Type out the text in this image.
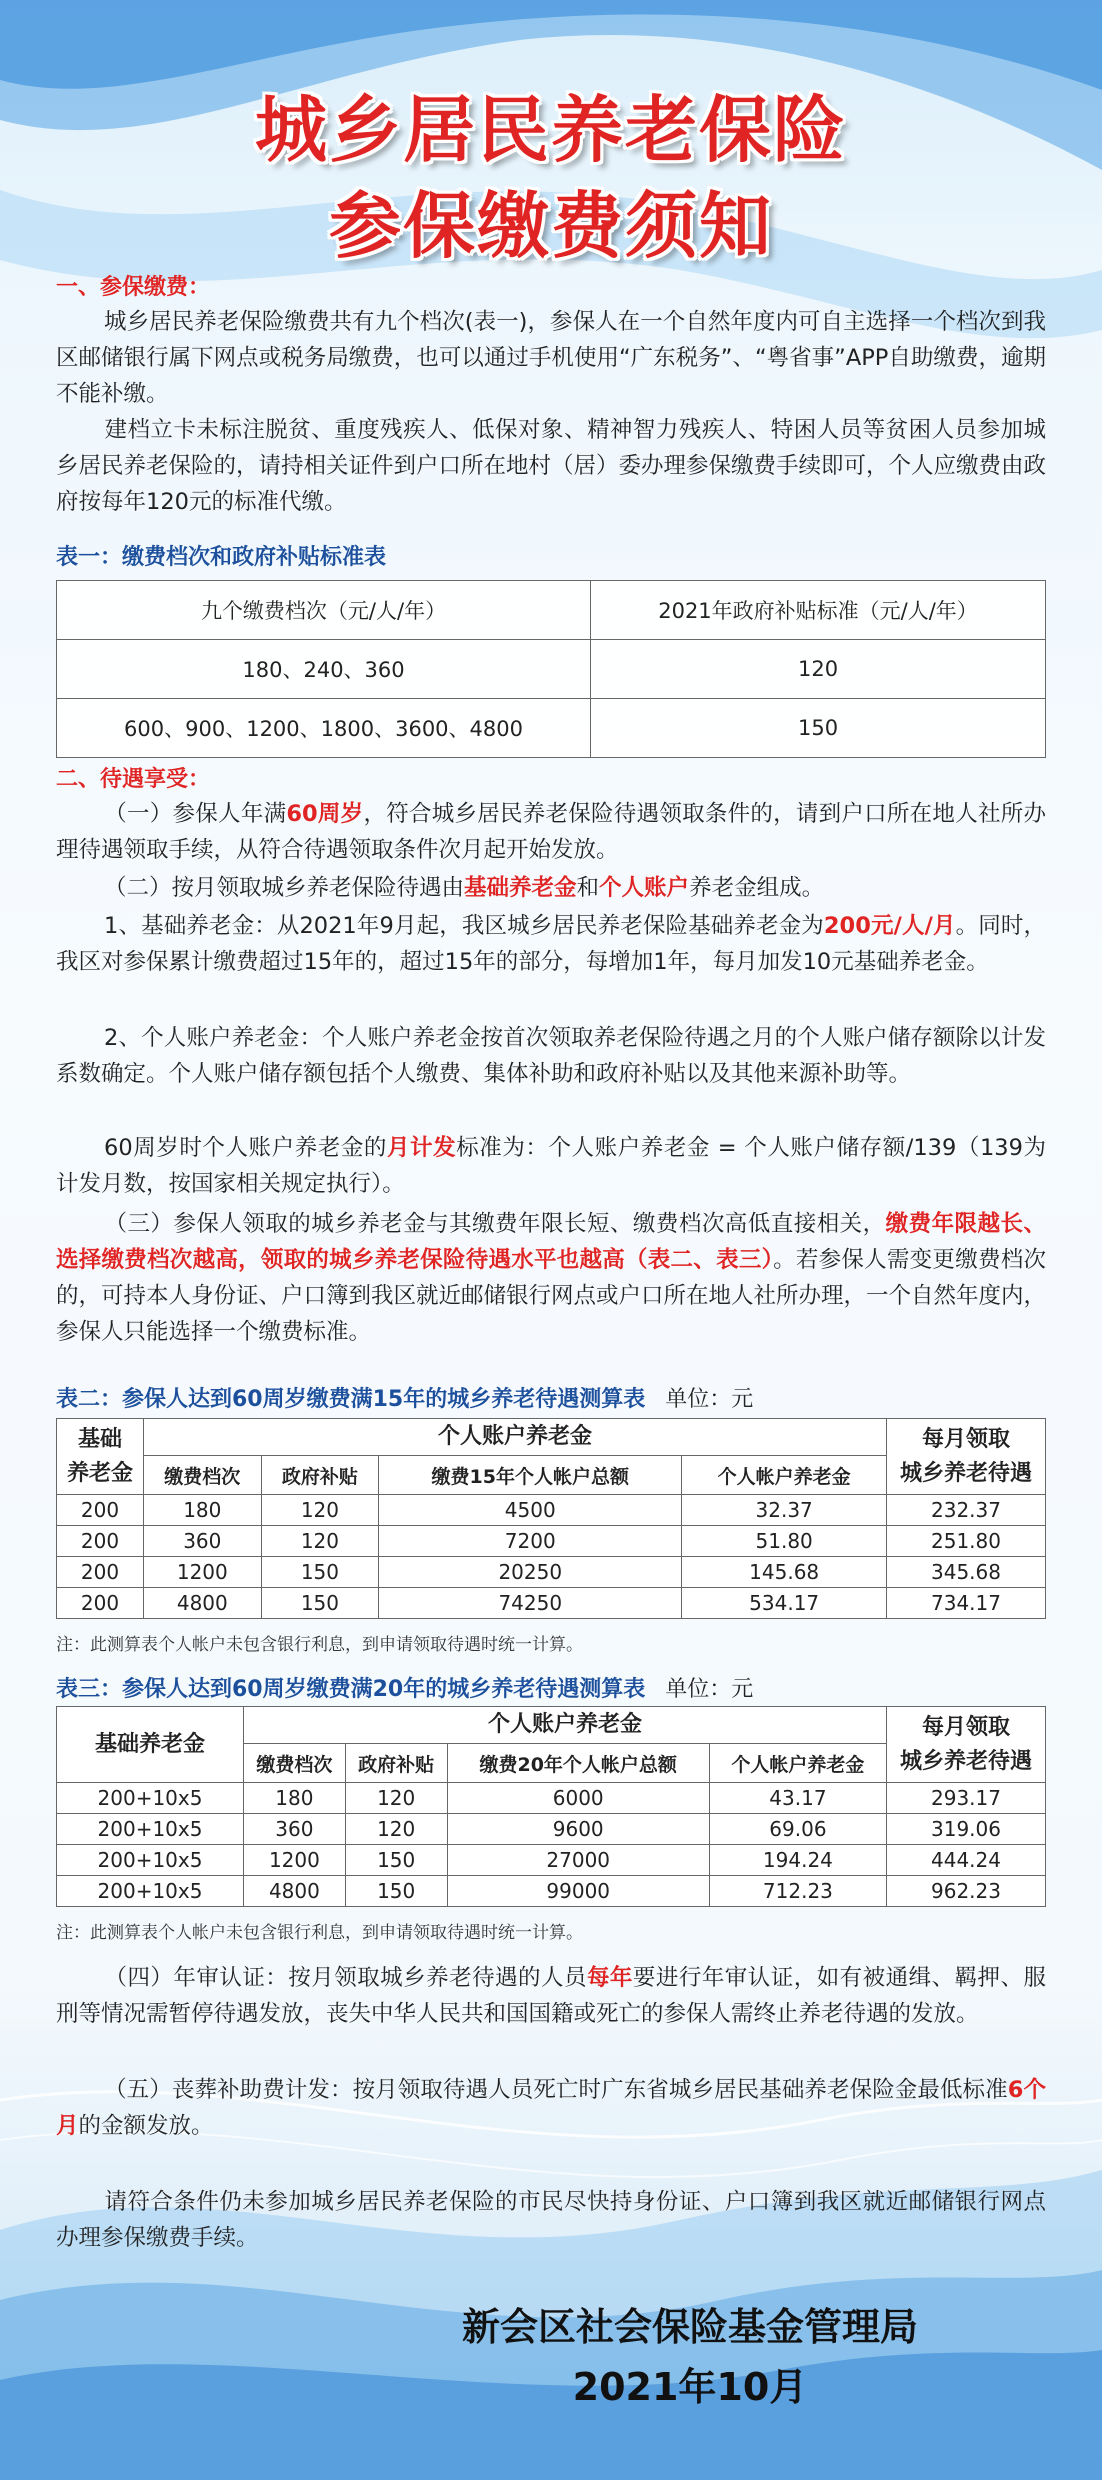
城乡居民养老保险
参保缴费须知
一、参保缴费：
城乡居民养老保险缴费共有九个档次(表一)，参保人在一个自然年度内可自主选择一个档次到我区邮储银行属下网点或税务局缴费，也可以通过手机使用“广东税务”、“粤省事”APP自助缴费，逾期不能补缴。
建档立卡未标注脱贫、重度残疾人、低保对象、精神智力残疾人、特困人员等贫困人员参加城乡居民养老保险的，请持相关证件到户口所在地村（居）委办理参保缴费手续即可，个人应缴费由政府按每年120元的标准代缴。
表一：缴费档次和政府补贴标准表
九个缴费档次（元/人/年）	2021年政府补贴标准（元/人/年）
180、240、360	120
600、900、1200、1800、3600、4800	150
二、待遇享受：
（一）参保人年满60周岁，符合城乡居民养老保险待遇领取条件的，请到户口所在地人社所办理待遇领取手续，从符合待遇领取条件次月起开始发放。
（二）按月领取城乡养老保险待遇由基础养老金和个人账户养老金组成。
1、基础养老金：从2021年9月起，我区城乡居民养老保险基础养老金为200元/人/月。同时，我区对参保累计缴费超过15年的，超过15年的部分，每增加1年，每月加发10元基础养老金。
2、个人账户养老金：个人账户养老金按首次领取养老保险待遇之月的个人账户储存额除以计发系数确定。个人账户储存额包括个人缴费、集体补助和政府补贴以及其他来源补助等。
60周岁时个人账户养老金的月计发标准为：个人账户养老金 = 个人账户储存额/139（139为计发月数，按国家相关规定执行）。
（三）参保人领取的城乡养老金与其缴费年限长短、缴费档次高低直接相关，缴费年限越长、选择缴费档次越高，领取的城乡养老保险待遇水平也越高（表二、表三）。若参保人需变更缴费档次的，可持本人身份证、户口簿到我区就近邮储银行网点或户口所在地人社所办理，一个自然年度内，参保人只能选择一个缴费标准。
表二：参保人达到60周岁缴费满15年的城乡养老待遇测算表 单位：元
基础
养老金	个人账户养老金				每月领取
城乡养老待遇
	缴费档次	政府补贴	缴费15年个人帐户总额	个人帐户养老金	
200	180	120	4500	32.37	232.37
200	360	120	7200	51.80	251.80
200	1200	150	20250	145.68	345.68
200	4800	150	74250	534.17	734.17
注：此测算表个人帐户未包含银行利息，到申请领取待遇时统一计算。
表三：参保人达到60周岁缴费满20年的城乡养老待遇测算表 单位：元
基础养老金	个人账户养老金				每月领取
城乡养老待遇
	缴费档次	政府补贴	缴费20年个人帐户总额	个人帐户养老金	
200+10x5	180	120	6000	43.17	293.17
200+10x5	360	120	9600	69.06	319.06
200+10x5	1200	150	27000	194.24	444.24
200+10x5	4800	150	99000	712.23	962.23
注：此测算表个人帐户未包含银行利息，到申请领取待遇时统一计算。
（四）年审认证：按月领取城乡养老待遇的人员每年要进行年审认证，如有被通缉、羁押、服刑等情况需暂停待遇发放，丧失中华人民共和国国籍或死亡的参保人需终止养老待遇的发放。
（五）丧葬补助费计发：按月领取待遇人员死亡时广东省城乡居民基础养老保险金最低标准6个月的金额发放。
请符合条件仍未参加城乡居民养老保险的市民尽快持身份证、户口簿到我区就近邮储银行网点办理参保缴费手续。
新会区社会保险基金管理局
2021年10月
